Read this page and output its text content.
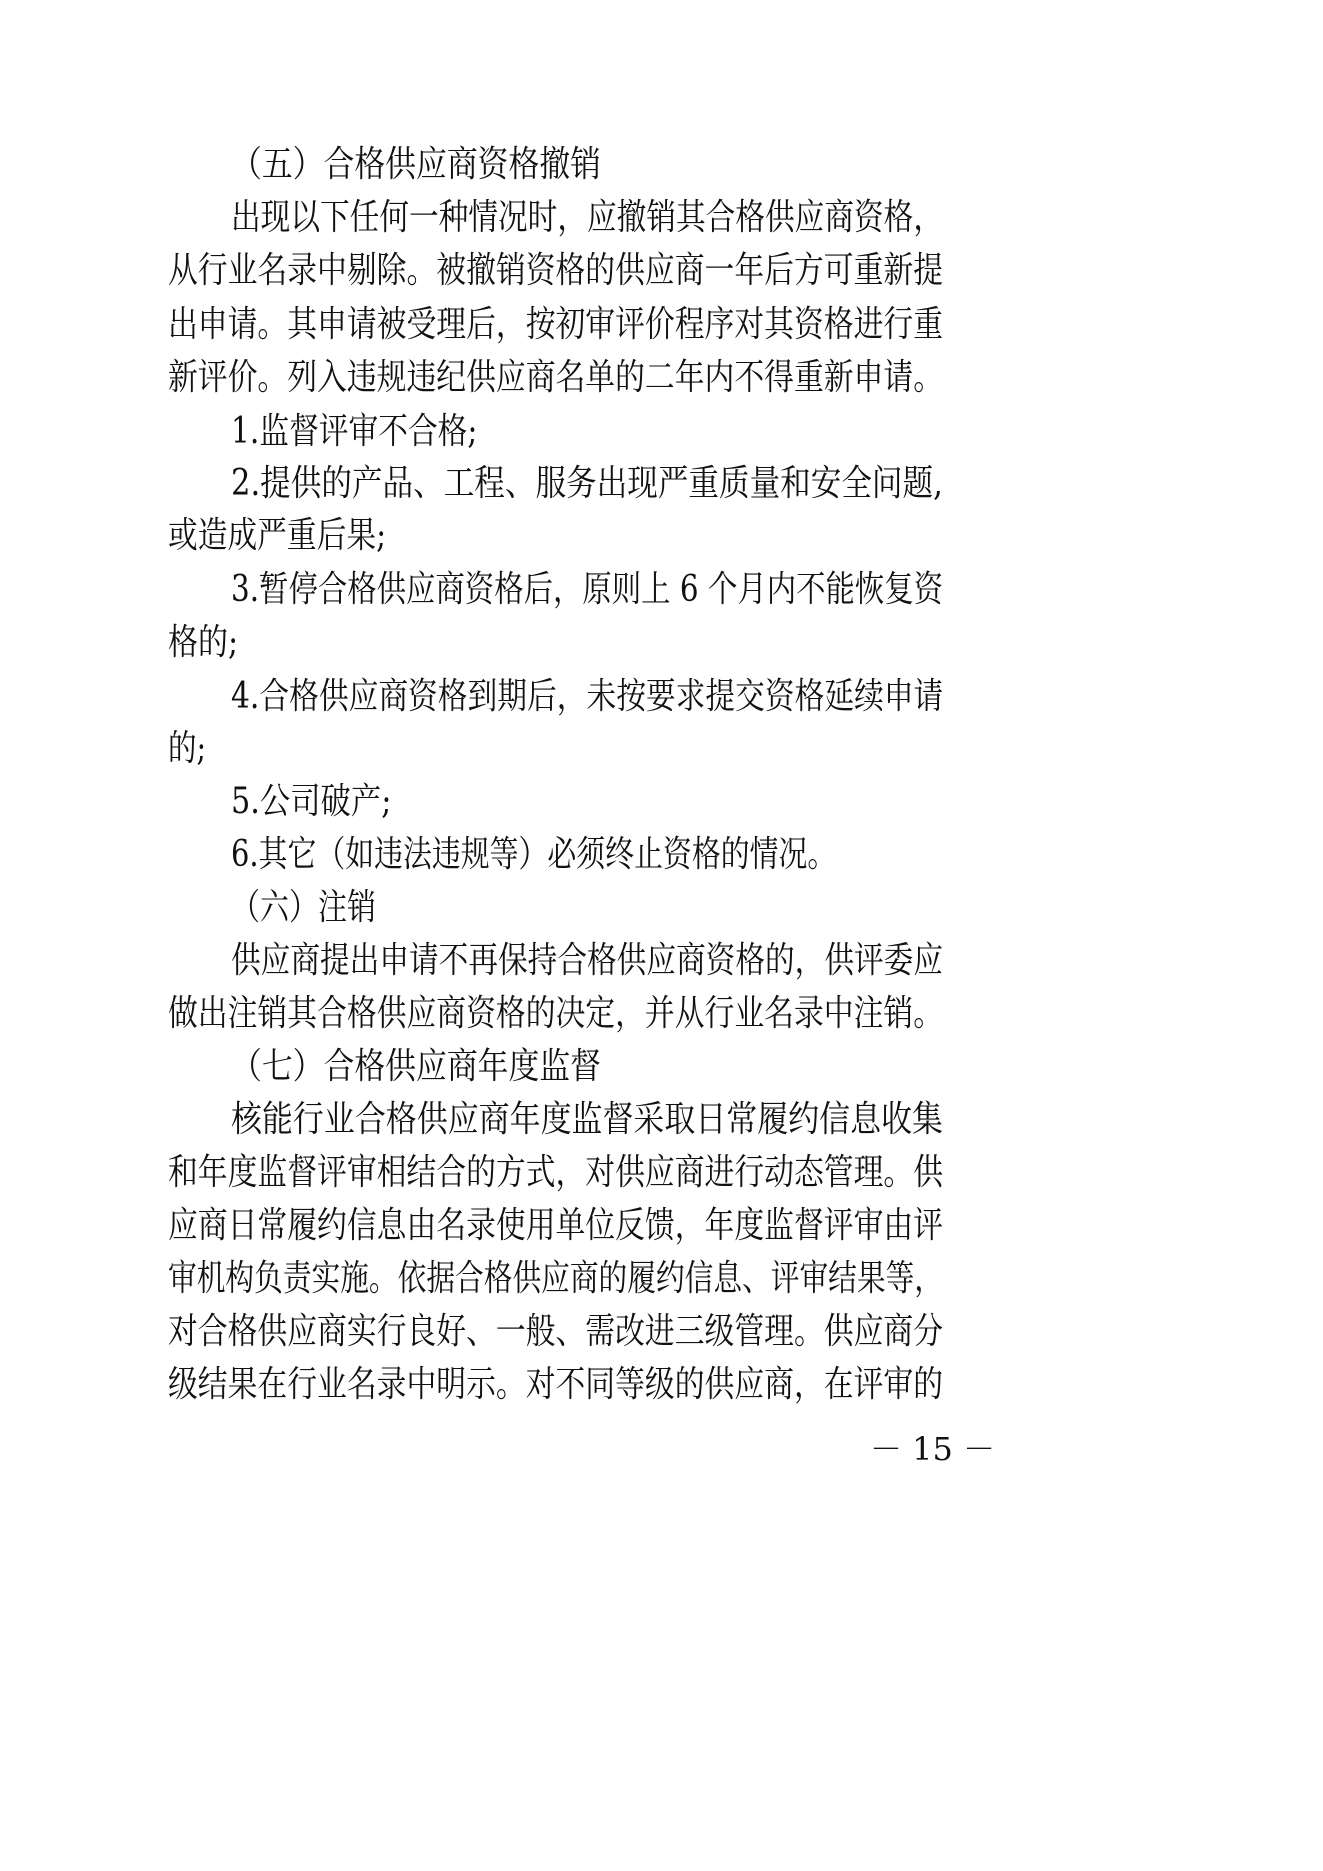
（五）合格供应商资格撤销
出现以下任何一种情况时，应撤销其合格供应商资格，
从行业名录中剔除。被撤销资格的供应商一年后方可重新提
出申请。其申请被受理后，按初审评价程序对其资格进行重
新评价。列入违规违纪供应商名单的二年内不得重新申请。
1.监督评审不合格;
2.提供的产品、工程、服务出现严重质量和安全问题,
或造成严重后果;
3.暂停合格供应商资格后，原则上 6 个月内不能恢复资
格的;
4.合格供应商资格到期后，未按要求提交资格延续申请
的;
5.公司破产;
6.其它（如违法违规等）必须终止资格的情况。
（六）注销
供应商提出申请不再保持合格供应商资格的，供评委应
做出注销其合格供应商资格的决定，并从行业名录中注销。
（七）合格供应商年度监督
核能行业合格供应商年度监督采取日常履约信息收集
和年度监督评审相结合的方式，对供应商进行动态管理。供
应商日常履约信息由名录使用单位反馈，年度监督评审由评
审机构负责实施。依据合格供应商的履约信息、评审结果等，
对合格供应商实行良好、一般、需改进三级管理。供应商分
级结果在行业名录中明示。对不同等级的供应商，在评审的
－ 15 －
